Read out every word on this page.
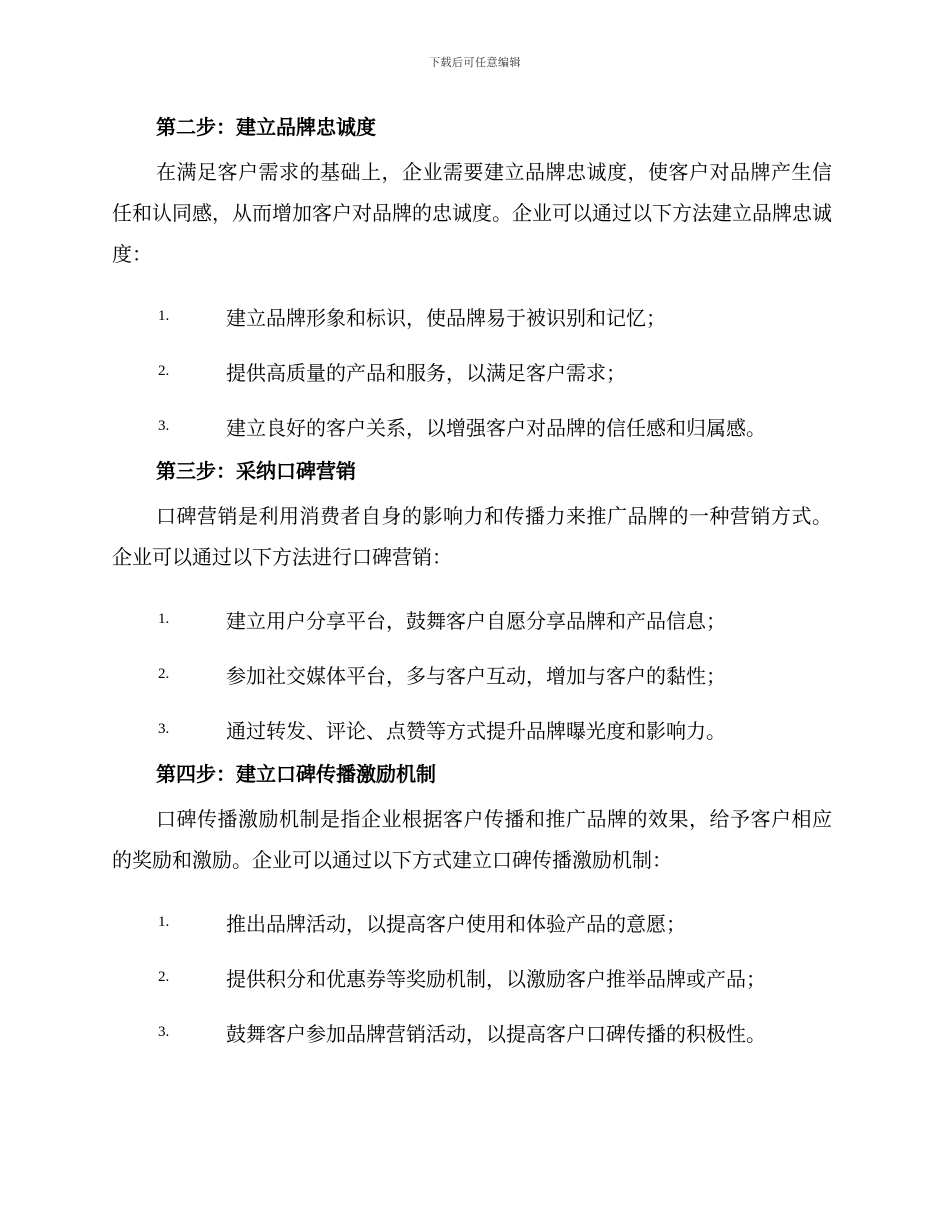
下载后可任意编辑
第二步：建立品牌忠诚度

在满足客户需求的基础上，企业需要建立品牌忠诚度，使客户对品牌产生信任和认同感，从而增加客户对品牌的忠诚度。企业可以通过以下方法建立品牌忠诚度：

1.	建立品牌形象和标识，使品牌易于被识别和记忆；
2.	提供高质量的产品和服务，以满足客户需求；
3.	建立良好的客户关系，以增强客户对品牌的信任感和归属感。
第三步：采纳口碑营销

口碑营销是利用消费者自身的影响力和传播力来推广品牌的一种营销方式。企业可以通过以下方法进行口碑营销：

1.	建立用户分享平台，鼓舞客户自愿分享品牌和产品信息；
2.	参加社交媒体平台，多与客户互动，增加与客户的黏性；
3.	通过转发、评论、点赞等方式提升品牌曝光度和影响力。
第四步：建立口碑传播激励机制

口碑传播激励机制是指企业根据客户传播和推广品牌的效果，给予客户相应的奖励和激励。企业可以通过以下方式建立口碑传播激励机制：

1.	推出品牌活动，以提高客户使用和体验产品的意愿；
2.	提供积分和优惠券等奖励机制，以激励客户推举品牌或产品；
3.	鼓舞客户参加品牌营销活动，以提高客户口碑传播的积极性。
